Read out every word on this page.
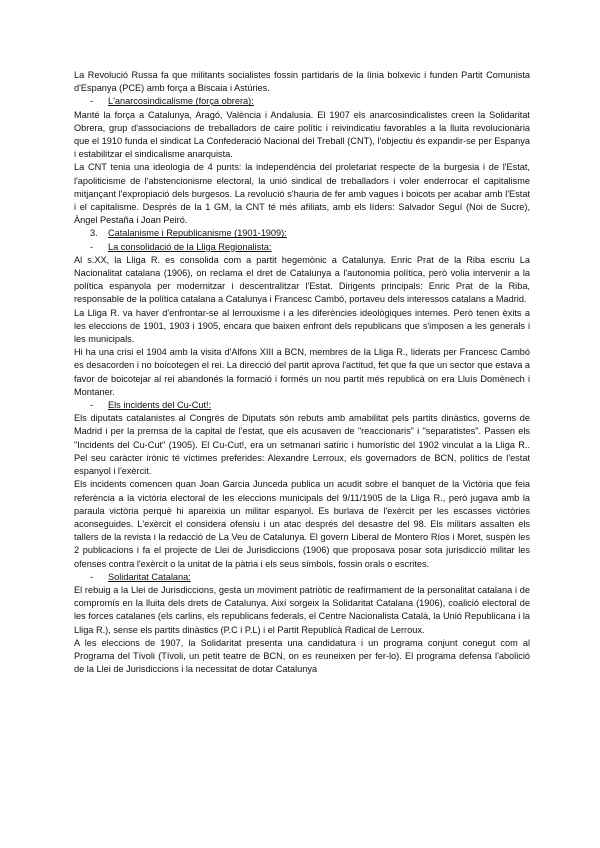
La Revolució Russa fa que militants socialistes fossin partidaris de la línia bolxevic i funden Partit Comunista d'Espanya (PCE) amb força a Biscaia i Astúries.

-	L'anarcosindicalisme (força obrera):

Manté la força a Catalunya, Aragó, València i Andalusia. El 1907 els anarcosindicalistes creen la Solidaritat Obrera, grup d'associacions de treballadors de caire polític i reivindicatiu favorables a la lluita revolucionària que el 1910 funda el sindicat La Confederació Nacional del Treball (CNT), l'objectiu és expandir-se per Espanya i estabilitzar el sindicalisme anarquista.

La CNT tenia una ideologia de 4 punts: la independència del proletariat respecte de la burgesia i de l'Estat, l'apoliticisme de l'abstencionisme electoral, la unió sindical de treballadors i voler enderrocar el capitalisme mitjançant l'expropiació dels burgesos. La revolució s'hauria de fer amb vagues i boicots per acabar amb l'Estat i el capitalisme. Després de la 1 GM, la CNT té més afiliats, amb els líders: Salvador Seguí (Noi de Sucre), Àngel Pestaña i Joan Peiró.

3.	Catalanisme i Republicanisme (1901-1909):
-	La consolidació de la Lliga Regionalista:

Al s.XX, la Lliga R. es consolida com a partit hegemònic a Catalunya. Enric Prat de la Riba escriu La Nacionalitat catalana (1906), on reclama el dret de Catalunya a l'autonomia política, però volia intervenir a la política espanyola per modernitzar i descentralitzar l'Estat. Dirigents principals: Enric Prat de la Riba, responsable de la política catalana a Catalunya i Francesc Cambó, portaveu dels interessos catalans a Madrid.

La Lliga R. va haver d'enfrontar-se al lerrouxisme i a les diferències ideològiques internes. Però tenen èxits a les eleccions de 1901, 1903 i 1905, encara que baixen enfront dels republicans que s'imposen a les generals i les municipals.

Hi ha una crisi el 1904 amb la visita d'Alfons XIII a BCN, membres de la Lliga R., liderats per Francesc Cambó es desacorden i no boicotegen el rei. La direcció del partit aprova l'actitud, fet que fa que un sector que estava a favor de boicotejar al rei abandonés la formació i formés un nou partit més republicà on era Lluís Domènech i Montaner.

-	Els incidents del Cu-Cut!:

Els diputats catalanistes al Congrés de Diputats són rebuts amb amabilitat pels partits dinàstics, governs de Madrid i per la premsa de la capital de l'estat, que els acusaven de "reaccionaris" i "separatistes". Passen els "Incidents del Cu-Cut" (1905). El Cu-Cut!, era un setmanari satíric i humorístic del 1902 vinculat a la Lliga R.. Pel seu caràcter irònic té víctimes preferides: Alexandre Lerroux, els governadors de BCN, polítics de l'estat espanyol i l'exèrcit.

Els incidents comencen quan Joan Garcia Junceda publica un acudit sobre el banquet de la Victòria que feia referència a la victòria electoral de les eleccions municipals del 9/11/1905 de la Lliga R., però jugava amb la paraula victòria perquè hi apareixia un militar espanyol. Es burlava de l'exèrcit per les escasses victòries aconseguides. L'exèrcit el considera ofensiu i un atac després del desastre del 98. Els militars assalten els tallers de la revista i la redacció de La Veu de Catalunya. El govern Liberal de Montero Ríos i Moret, suspèn les 2 publicacions i fa el projecte de Llei de Jurisdiccions (1906) que proposava posar sota jurisdicció militar les ofenses contra l'exèrcit o la unitat de la pàtria i els seus símbols, fossin orals o escrites.

-	Solidaritat Catalana:

El rebuig a la Llei de Jurisdiccions, gesta un moviment patriòtic de reafirmament de la personalitat catalana i de compromís en la lluita dels drets de Catalunya. Així sorgeix la Solidaritat Catalana (1906), coalició electoral de les forces catalanes (els carlins, els republicans federals, el Centre Nacionalista Català, la Unió Republicana i la Lliga R.), sense els partits dinàstics (P.C i P.L) i el Partit Republicà Radical de Lerroux.

A les eleccions de 1907, la Solidaritat presenta una candidatura i un programa conjunt conegut com al Programa del Tívoli (Tívoli, un petit teatre de BCN, on es reuneixen per fer-lo). El programa defensa l'abolició de la Llei de Jurisdiccions i la necessitat de dotar Catalunya
